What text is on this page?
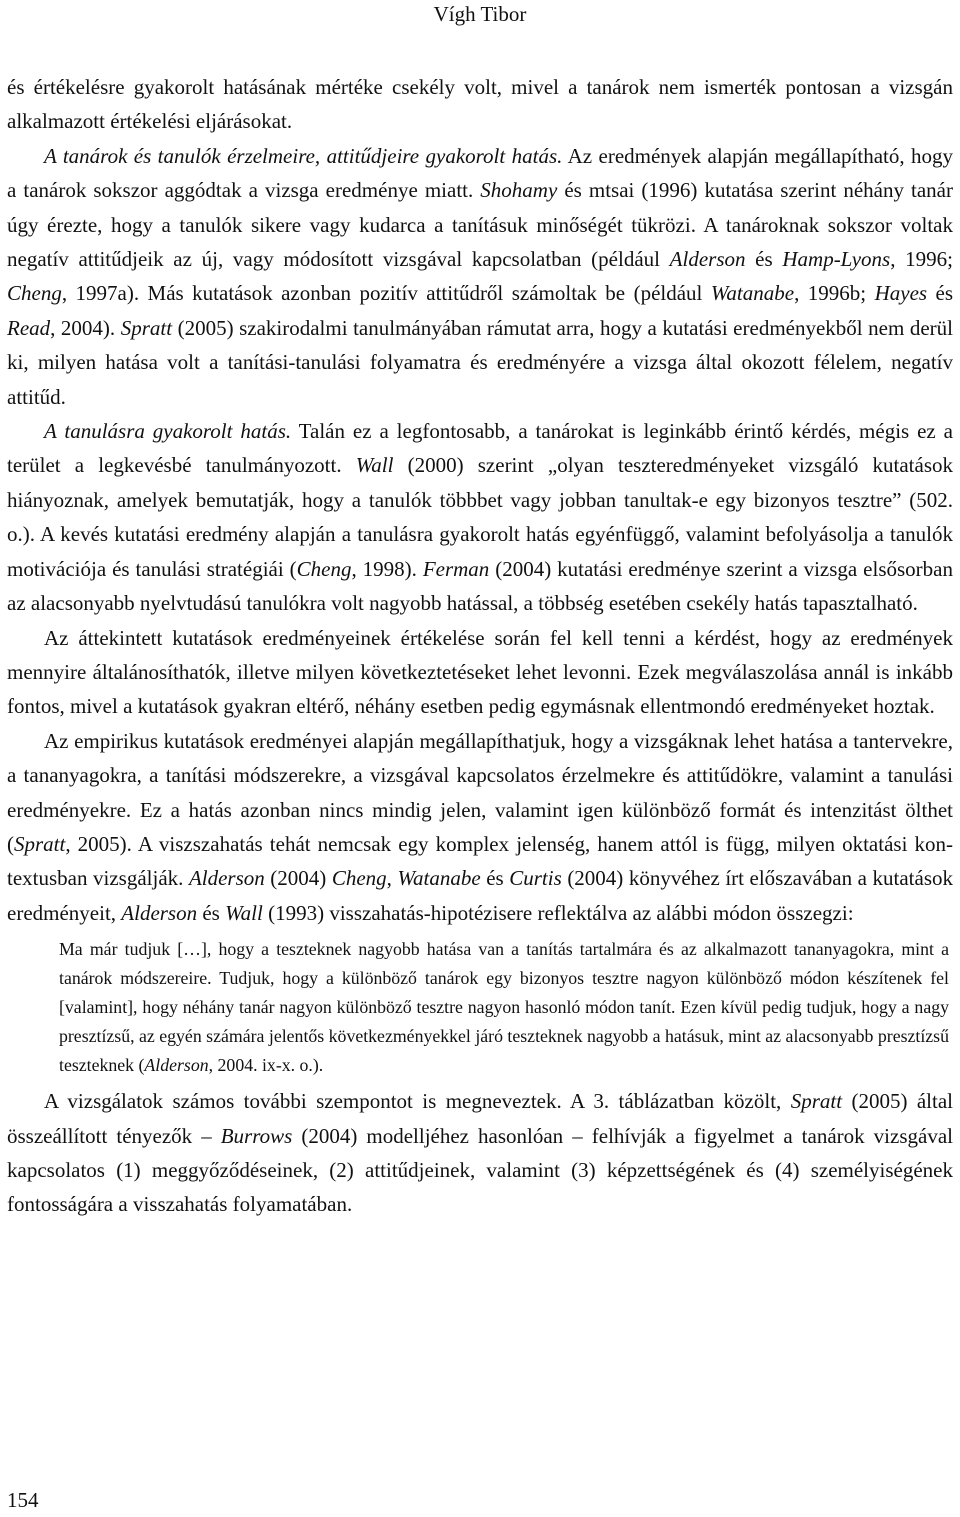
Vígh Tibor

és értékelésre gyakorolt hatásának mértéke csekély volt, mivel a tanárok nem ismerték pontosan a vizsgán alkalmazott értékelési eljárásokat.

A tanárok és tanulók érzelmeire, attitűdjeire gyakorolt hatás. Az eredmények alapján megállapítható, hogy a tanárok sokszor aggódtak a vizsga eredménye miatt. Shohamy és mtsai (1996) kutatása szerint néhány tanár úgy érezte, hogy a tanulók sikere vagy kudarca a tanításuk minőségét tükrözi. A tanároknak sokszor voltak negatív attitűdjeik az új, vagy módosított vizsgával kapcsolatban (például Alderson és Hamp-Lyons, 1996; Cheng, 1997a). Más kutatások azonban pozitív attitűdről számoltak be (például Watanabe, 1996b; Hayes és Read, 2004). Spratt (2005) szakirodalmi tanulmányában rámutat arra, hogy a kutatási eredményekből nem derül ki, milyen hatása volt a tanítási-tanulási folyamatra és eredményére a vizsga által okozott félelem, negatív attitűd.

A tanulásra gyakorolt hatás. Talán ez a legfontosabb, a tanárokat is leginkább érintő kérdés, mégis ez a terület a legkevésbé tanulmányozott. Wall (2000) szerint „olyan teszteredményeket vizsgáló kutatások hiányoznak, amelyek bemutatják, hogy a tanulók többbet vagy jobban tanultak-e egy bizonyos tesztre” (502. o.). A kevés kutatási eredmény alapján a tanulásra gyakorolt hatás egyénfüggő, valamint befolyásolja a tanulók motivációja és tanulási stratégiái (Cheng, 1998). Ferman (2004) kutatási eredménye szerint a vizsga elsősorban az alacsonyabb nyelvtudású tanulókra volt nagyobb hatással, a többség esetében csekély hatás tapasztalható.

Az áttekintett kutatások eredményeinek értékelése során fel kell tenni a kérdést, hogy az eredmények mennyire általánosíthatók, illetve milyen következtetéseket lehet levonni. Ezek megválaszolása annál is inkább fontos, mivel a kutatások gyakran eltérő, néhány esetben pedig egymásnak ellentmondó eredményeket hoztak.

Az empirikus kutatások eredményei alapján megállapíthatjuk, hogy a vizsgáknak lehet hatása a tantervekre, a tananyagokra, a tanítási módszerekre, a vizsgával kapcsolatos érzelmekre és attitűdökre, valamint a tanulási eredményekre. Ez a hatás azonban nincs mindig jelen, valamint igen különböző formát és intenzitást ölthet (Spratt, 2005). A viszszahatás tehát nemcsak egy komplex jelenség, hanem attól is függ, milyen oktatási kontextusban vizsgálják. Alderson (2004) Cheng, Watanabe és Curtis (2004) könyvéhez írt előszavában a kutatások eredményeit, Alderson és Wall (1993) visszahatás-hipotézisere reflektálva az alábbi módon összegzi:

Ma már tudjuk […], hogy a teszteknek nagyobb hatása van a tanítás tartalmára és az alkalmazott tananyagokra, mint a tanárok módszereire. Tudjuk, hogy a különböző tanárok egy bizonyos tesztre nagyon különböző módon készítenek fel [valamint], hogy néhány tanár nagyon különböző tesztre nagyon hasonló módon tanít. Ezen kívül pedig tudjuk, hogy a nagy presztízsű, az egyén számára jelentős következményekkel járó teszteknek nagyobb a hatásuk, mint az alacsonyabb presztízsű teszteknek (Alderson, 2004. ix-x. o.).

A vizsgálatok számos további szempontot is megneveztek. A 3. táblázatban közölt, Spratt (2005) által összeállított tényezők – Burrows (2004) modelljéhez hasonlóan – felhívják a figyelmet a tanárok vizsgával kapcsolatos (1) meggyőződéseinek, (2) attitűdjeinek, valamint (3) képzettségének és (4) személyiségének fontosságára a visszahatás folyamatában.

154
